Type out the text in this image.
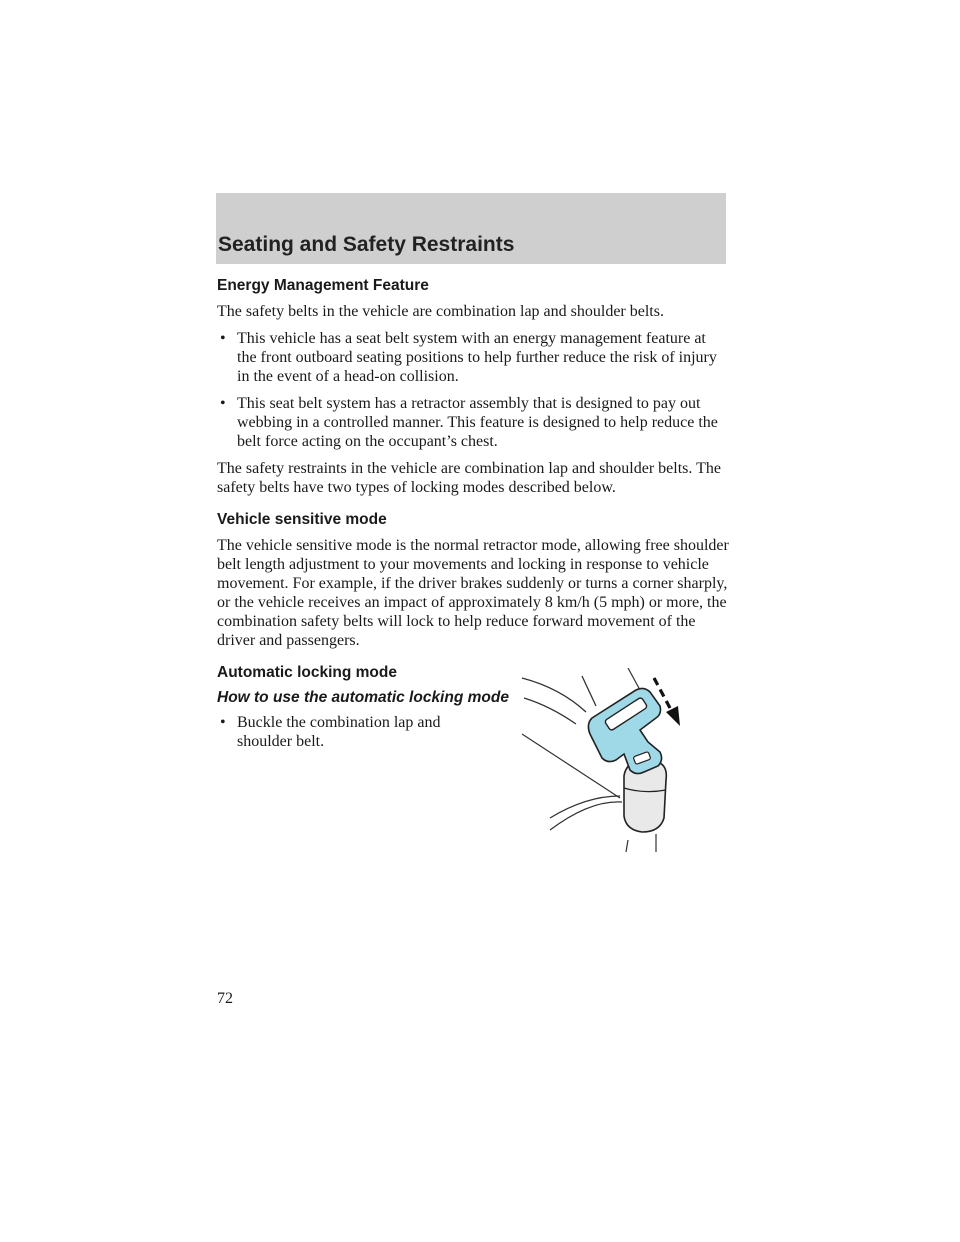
Seating and Safety Restraints
Energy Management Feature

The safety belts in the vehicle are combination lap and shoulder belts.

• This vehicle has a seat belt system with an energy management feature at the front outboard seating positions to help further reduce the risk of injury in the event of a head-on collision.
• This seat belt system has a retractor assembly that is designed to pay out webbing in a controlled manner. This feature is designed to help reduce the belt force acting on the occupant’s chest.

The safety restraints in the vehicle are combination lap and shoulder belts. The safety belts have two types of locking modes described below.

Vehicle sensitive mode

The vehicle sensitive mode is the normal retractor mode, allowing free shoulder belt length adjustment to your movements and locking in response to vehicle movement. For example, if the driver brakes suddenly or turns a corner sharply, or the vehicle receives an impact of approximately 8 km/h (5 mph) or more, the combination safety belts will lock to help reduce forward movement of the driver and passengers.

Automatic locking mode
How to use the automatic locking mode
• Buckle the combination lap and shoulder belt.
72
